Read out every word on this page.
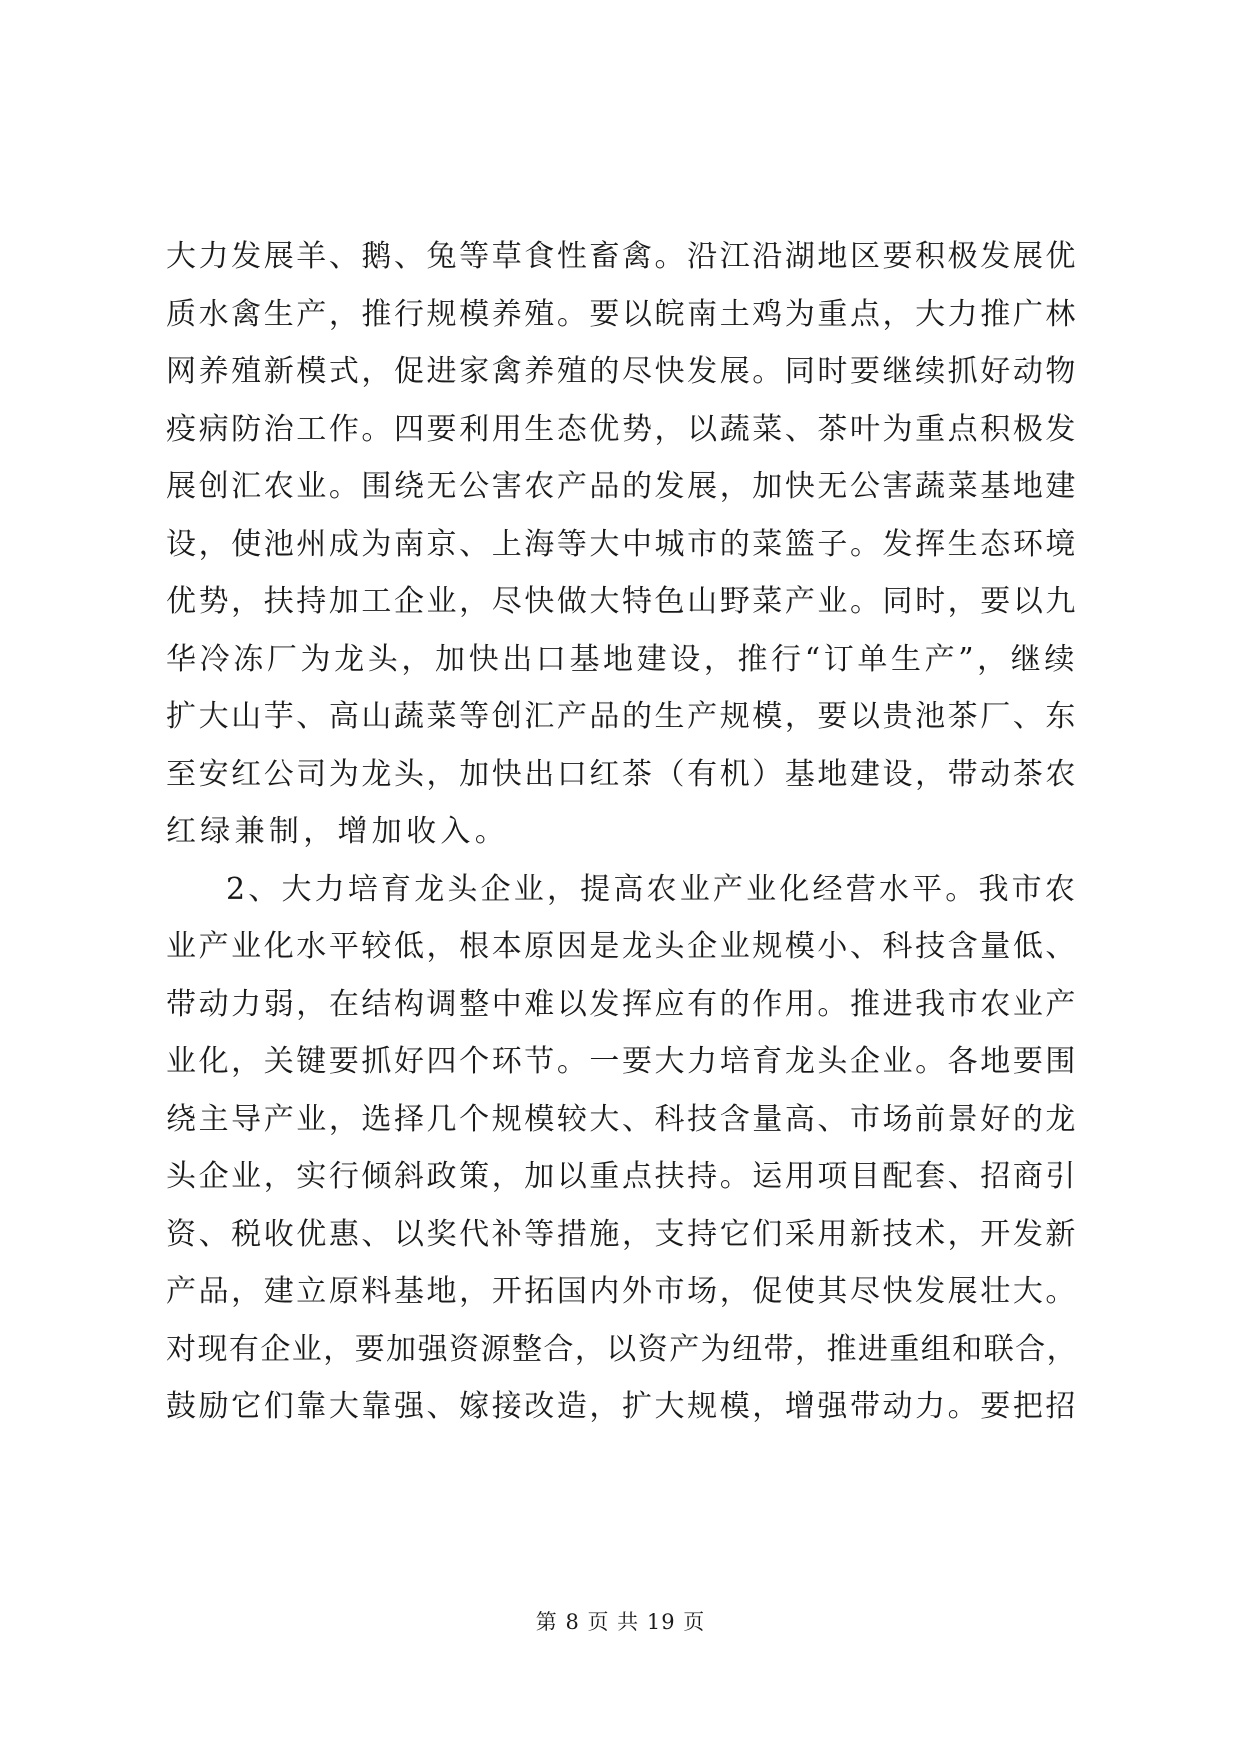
大力发展羊、鹅、兔等草食性畜禽。沿江沿湖地区要积极发展优
质水禽生产，推行规模养殖。要以皖南土鸡为重点，大力推广林
网养殖新模式，促进家禽养殖的尽快发展。同时要继续抓好动物
疫病防治工作。四要利用生态优势，以蔬菜、茶叶为重点积极发
展创汇农业。围绕无公害农产品的发展，加快无公害蔬菜基地建
设，使池州成为南京、上海等大中城市的菜篮子。发挥生态环境
优势，扶持加工企业，尽快做大特色山野菜产业。同时，要以九
华冷冻厂为龙头，加快出口基地建设，推行“订单生产”，继续
扩大山芋、高山蔬菜等创汇产品的生产规模，要以贵池茶厂、东
至安红公司为龙头，加快出口红茶（有机）基地建设，带动茶农
红绿兼制，增加收入。
2、大力培育龙头企业，提高农业产业化经营水平。我市农
业产业化水平较低，根本原因是龙头企业规模小、科技含量低、
带动力弱，在结构调整中难以发挥应有的作用。推进我市农业产
业化，关键要抓好四个环节。一要大力培育龙头企业。各地要围
绕主导产业，选择几个规模较大、科技含量高、市场前景好的龙
头企业，实行倾斜政策，加以重点扶持。运用项目配套、招商引
资、税收优惠、以奖代补等措施，支持它们采用新技术，开发新
产品，建立原料基地，开拓国内外市场，促使其尽快发展壮大。
对现有企业，要加强资源整合，以资产为纽带，推进重组和联合，
鼓励它们靠大靠强、嫁接改造，扩大规模，增强带动力。要把招
第 8 页 共 19 页
